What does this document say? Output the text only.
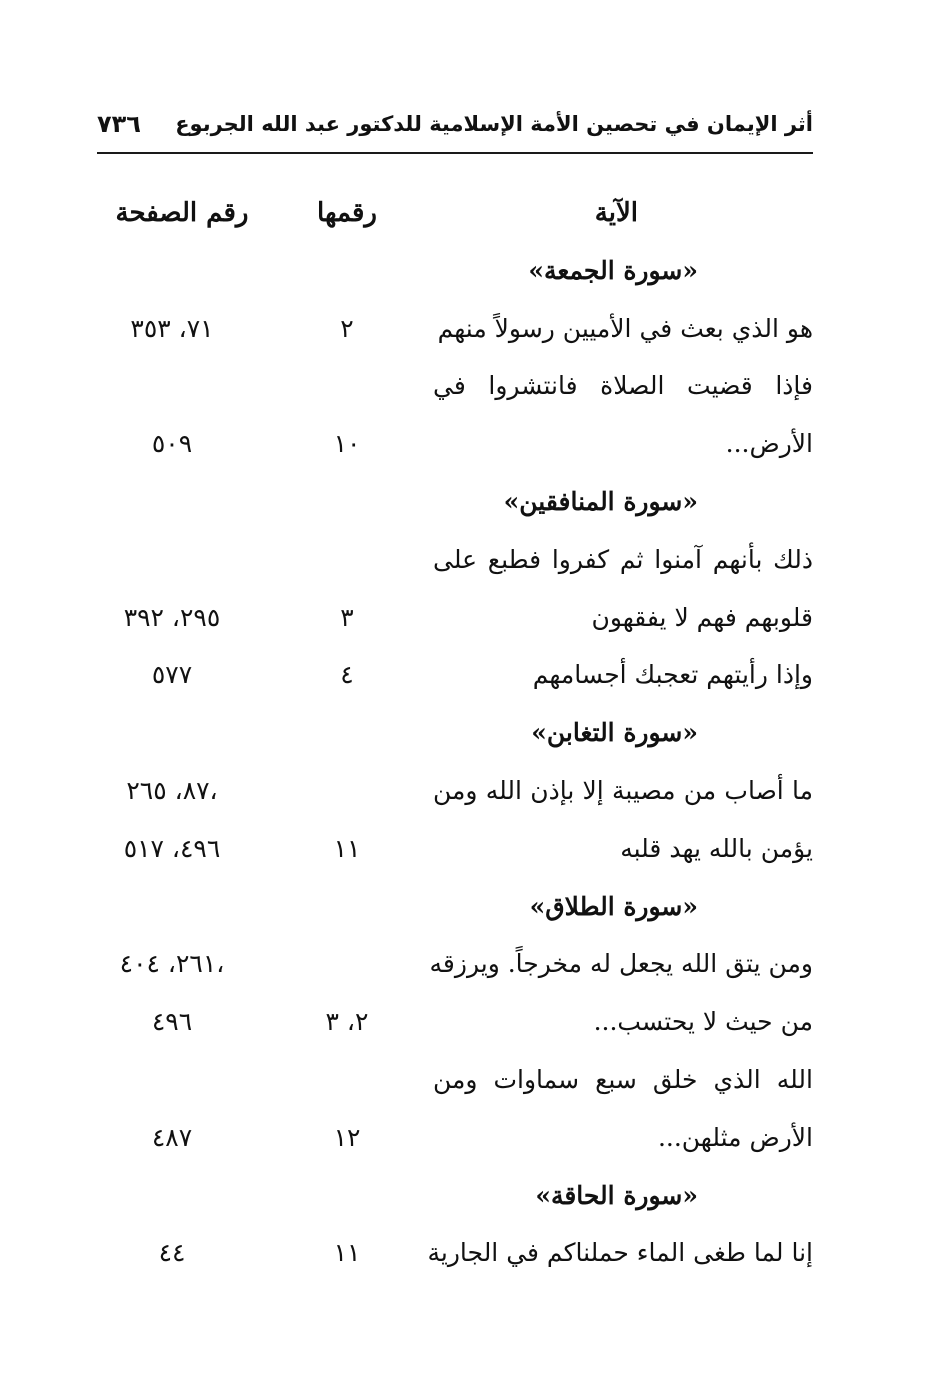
أثر الإيمان في تحصين الأمة الإسلامية للدكتور عبد الله الجربوع
٧٣٦
الآية
رقمها
رقم الصفحة
«سورة الجمعة»
هو الذي بعث في الأميين رسولاً منهم
٢
٧١، ٣٥٣
فإذا قضيت الصلاة فانتشروا في
الأرض...
١٠
٥٠٩
«سورة المنافقين»
ذلك بأنهم آمنوا ثم كفروا فطبع على
قلوبهم فهم لا يفقهون
٣
٢٩٥، ٣٩٢
وإذا رأيتهم تعجبك أجسامهم
٤
٥٧٧
«سورة التغابن»
ما أصاب من مصيبة إلا بإذن الله ومن
٨٧، ٢٦٥،
يؤمن بالله يهد قلبه
١١
٤٩٦، ٥١٧
«سورة الطلاق»
ومن يتق الله يجعل له مخرجاً. ويرزقه
٢٦١، ٤٠٤،
من حيث لا يحتسب...
٢، ٣
٤٩٦
الله الذي خلق سبع سماوات ومن
الأرض مثلهن...
١٢
٤٨٧
«سورة الحاقة»
إنا لما طغى الماء حملناكم في الجارية
١١
٤٤
